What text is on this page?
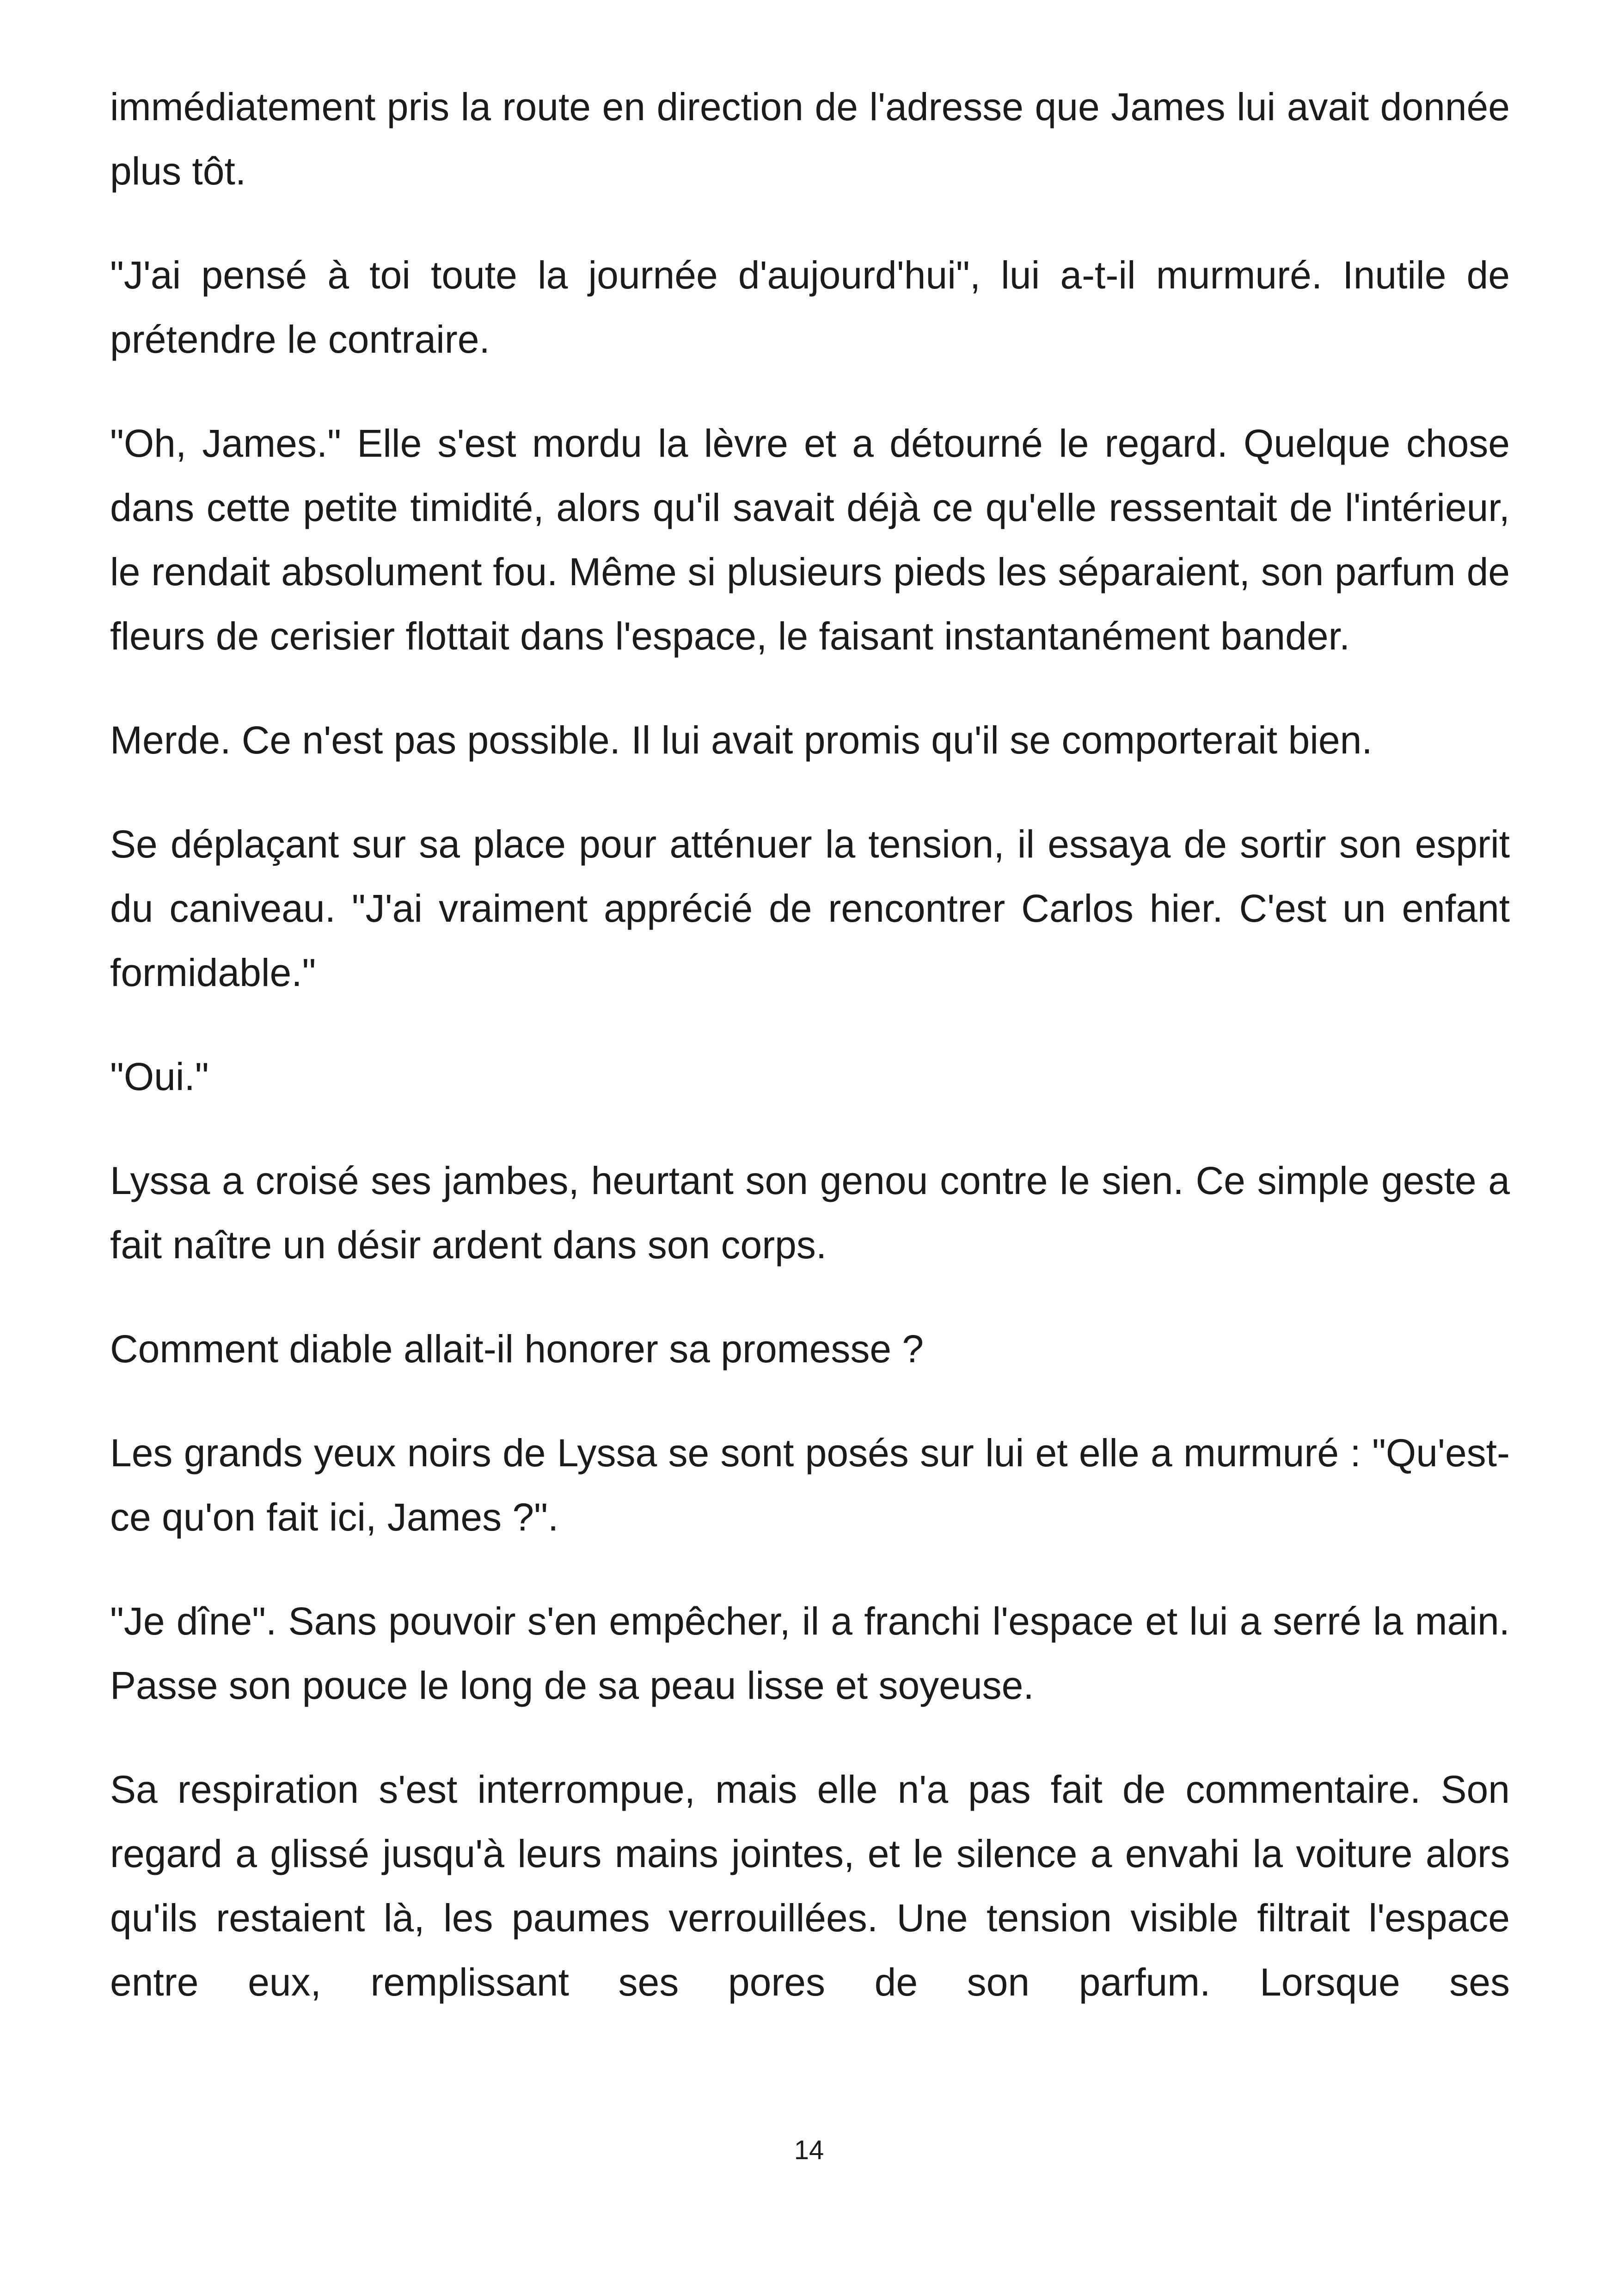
immédiatement pris la route en direction de l'adresse que James lui avait donnée plus tôt.

"J'ai pensé à toi toute la journée d'aujourd'hui", lui a-t-il murmuré. Inutile de prétendre le contraire.

"Oh, James." Elle s'est mordu la lèvre et a détourné le regard. Quelque chose dans cette petite timidité, alors qu'il savait déjà ce qu'elle ressentait de l'intérieur, le rendait absolument fou. Même si plusieurs pieds les séparaient, son parfum de fleurs de cerisier flottait dans l'espace, le faisant instantanément bander.

Merde. Ce n'est pas possible. Il lui avait promis qu'il se comporterait bien.

Se déplaçant sur sa place pour atténuer la tension, il essaya de sortir son esprit du caniveau. "J'ai vraiment apprécié de rencontrer Carlos hier. C'est un enfant formidable."

"Oui."

Lyssa a croisé ses jambes, heurtant son genou contre le sien. Ce simple geste a fait naître un désir ardent dans son corps.

Comment diable allait-il honorer sa promesse ?

Les grands yeux noirs de Lyssa se sont posés sur lui et elle a murmuré : "Qu'est-ce qu'on fait ici, James ?".

"Je dîne". Sans pouvoir s'en empêcher, il a franchi l'espace et lui a serré la main. Passe son pouce le long de sa peau lisse et soyeuse.

Sa respiration s'est interrompue, mais elle n'a pas fait de commentaire. Son regard a glissé jusqu'à leurs mains jointes, et le silence a envahi la voiture alors qu'ils restaient là, les paumes verrouillées. Une tension visible filtrait l'espace entre eux, remplissant ses pores de son parfum. Lorsque ses

14
